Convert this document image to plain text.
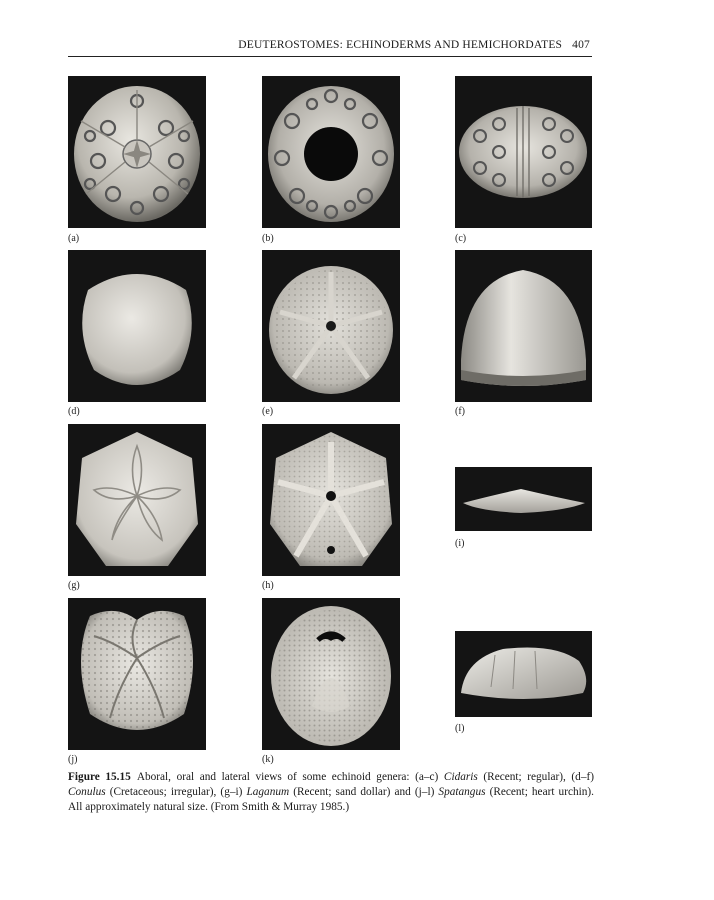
DEUTEROSTOMES: ECHINODERMS AND HEMICHORDATES 407
(a)	(b)	(c)
(d)	(e)	(f)
(g)	(h)
(i)
(j)	(k)
(l)
Figure 15.15 Aboral, oral and lateral views of some echinoid genera: (a–c) Cidaris (Recent; regular), (d–f) Conulus (Cretaceous; irregular), (g–i) Laganum (Recent; sand dollar) and (j–l) Spatangus (Recent; heart urchin). All approximately natural size. (From Smith & Murray 1985.)
